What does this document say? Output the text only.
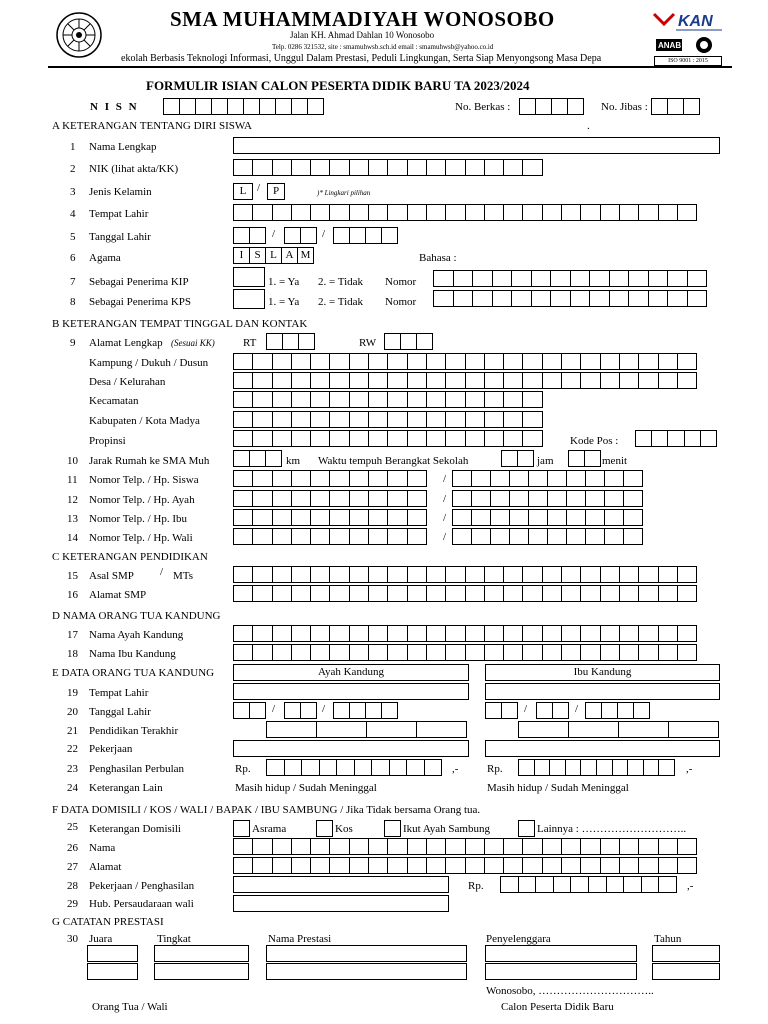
SMA MUHAMMADIYAH WONOSOBO
Jalan KH. Ahmad Dahlan 10 Wonosobo
Telp. 0286 321532, site : smamuhwsb.sch.id email : smamuhwsb@yahoo.co.id
ekolah Berbasis Teknologi Informasi, Unggul Dalam Prestasi, Peduli Lingkungan, Serta Siap Menyongsong Masa Depa
KAN
ANAB
ISO 9001 : 2015
FORMULIR ISIAN CALON PESERTA DIDIK BARU TA 2023/2024
N I S N	No. Berkas :	No. Jibas :
A KETERANGAN TENTANG DIRI SISWA	.
1 Nama Lengkap
2 NIK (lihat akta/KK)
3 Jenis Kelamin	L /	P	)* Lingkari pilihan
4 Tempat Lahir
5 Tanggal Lahir	/	/
6 Agama	I	S L A M	Bahasa :
7 Sebagai Penerima KIP	1. = Ya 2. = Tidak Nomor
8 Sebagai Penerima KPS	1. = Ya 2. = Tidak Nomor
B KETERANGAN TEMPAT TINGGAL DAN KONTAK
9 Alamat Lengkap (Sesuai KK)	RT	RW
Kampung / Dukuh / Dusun
Desa / Kelurahan
Kecamatan
Kabupaten / Kota Madya
Propinsi	Kode Pos :
10 Jarak Rumah ke SMA Muh	km Waktu tempuh Berangkat Sekolah	jam	menit
11 Nomor Telp. / Hp. Siswa	/
12 Nomor Telp. / Hp. Ayah	/
13 Nomor Telp. / Hp. Ibu	/
14 Nomor Telp. / Hp. Wali	/
C KETERANGAN PENDIDIKAN
15 Asal SMP / MTs
16 Alamat SMP
D NAMA ORANG TUA KANDUNG
17 Nama Ayah Kandung
18 Nama Ibu Kandung
E DATA ORANG TUA KANDUNG	Ayah Kandung	Ibu Kandung
19 Tempat Lahir
20 Tanggal Lahir	/	/	/	/
21 Pendidikan Terakhir
22 Pekerjaan
23 Penghasilan Perbulan	Rp.	,-	Rp.	,-
24 Keterangan Lain	Masih hidup / Sudah Meninggal	Masih hidup / Sudah Meninggal
F DATA DOMISILI / KOS / WALI / BAPAK / IBU SAMBUNG / Jika Tidak bersama Orang tua.
25 Keterangan Domisili	Asrama	Kos	Ikut Ayah Sambung	Lainnya : ………………………..
26 Nama
27 Alamat
28 Pekerjaan / Penghasilan	Rp.	,-
29 Hub. Persaudaraan wali
G CATATAN PRESTASI
30 Juara	Tingkat	Nama Prestasi	Penyelenggara	Tahun
Wonosobo, …………………………..
Orang Tua / Wali	Calon Peserta Didik Baru
